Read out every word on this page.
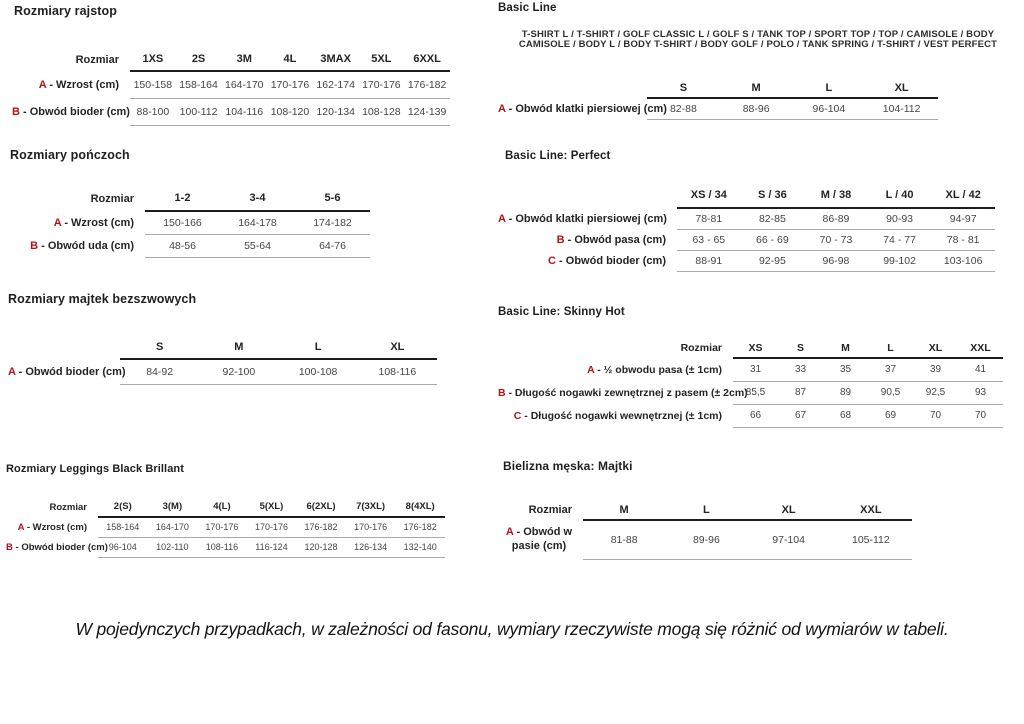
Rozmiary rajstop
Rozmiar	1XS	2S	3M	4L	3MAX	5XL	6XXL
A - Wzrost (cm)	150-158	158-164	164-170	170-176	162-174	170-176	176-182
B - Obwód bioder (cm)	88-100	100-112	104-116	108-120	120-134	108-128	124-139
Rozmiary pończoch
Rozmiar	1-2	3-4	5-6
A - Wzrost (cm)	150-166	164-178	174-182
B - Obwód uda (cm)	48-56	55-64	64-76
Rozmiary majtek bezszwowych
	S	M	L	XL
A - Obwód bioder (cm)	84-92	92-100	100-108	108-116
Rozmiary Leggings Black Brillant
Rozmiar	2(S)	3(M)	4(L)	5(XL)	6(2XL)	7(3XL)	8(4XL)
A - Wzrost (cm)	158-164	164-170	170-176	170-176	176-182	170-176	176-182
B - Obwód bioder (cm)	96-104	102-110	108-116	116-124	120-128	126-134	132-140
Basic Line
T-SHIRT L / T-SHIRT / GOLF CLASSIC L / GOLF S / TANK TOP / SPORT TOP / TOP / CAMISOLE / BODY CAMISOLE / BODY L / BODY T-SHIRT / BODY GOLF / POLO / TANK SPRING / T-SHIRT / VEST PERFECT
	S	M	L	XL
A - Obwód klatki piersiowej (cm)	82-88	88-96	96-104	104-112
Basic Line: Perfect
	XS / 34	S / 36	M / 38	L / 40	XL / 42
A - Obwód klatki piersiowej (cm)	78-81	82-85	86-89	90-93	94-97
B - Obwód pasa (cm)	63 - 65	66 - 69	70 - 73	74 - 77	78 - 81
C - Obwód bioder (cm)	88-91	92-95	96-98	99-102	103-106
Basic Line: Skinny Hot
Rozmiar	XS	S	M	L	XL	XXL
A - ½ obwodu pasa (± 1cm)	31	33	35	37	39	41
B - Długość nogawki zewnętrznej z pasem (± 2cm)	85,5	87	89	90,5	92,5	93
C - Długość nogawki wewnętrznej (± 1cm)	66	67	68	69	70	70
Bielizna męska: Majtki
Rozmiar	M	L	XL	XXL
A - Obwód w pasie (cm)	81-88	89-96	97-104	105-112
W pojedynczych przypadkach, w zależności od fasonu, wymiary rzeczywiste mogą się różnić od wymiarów w tabeli.
